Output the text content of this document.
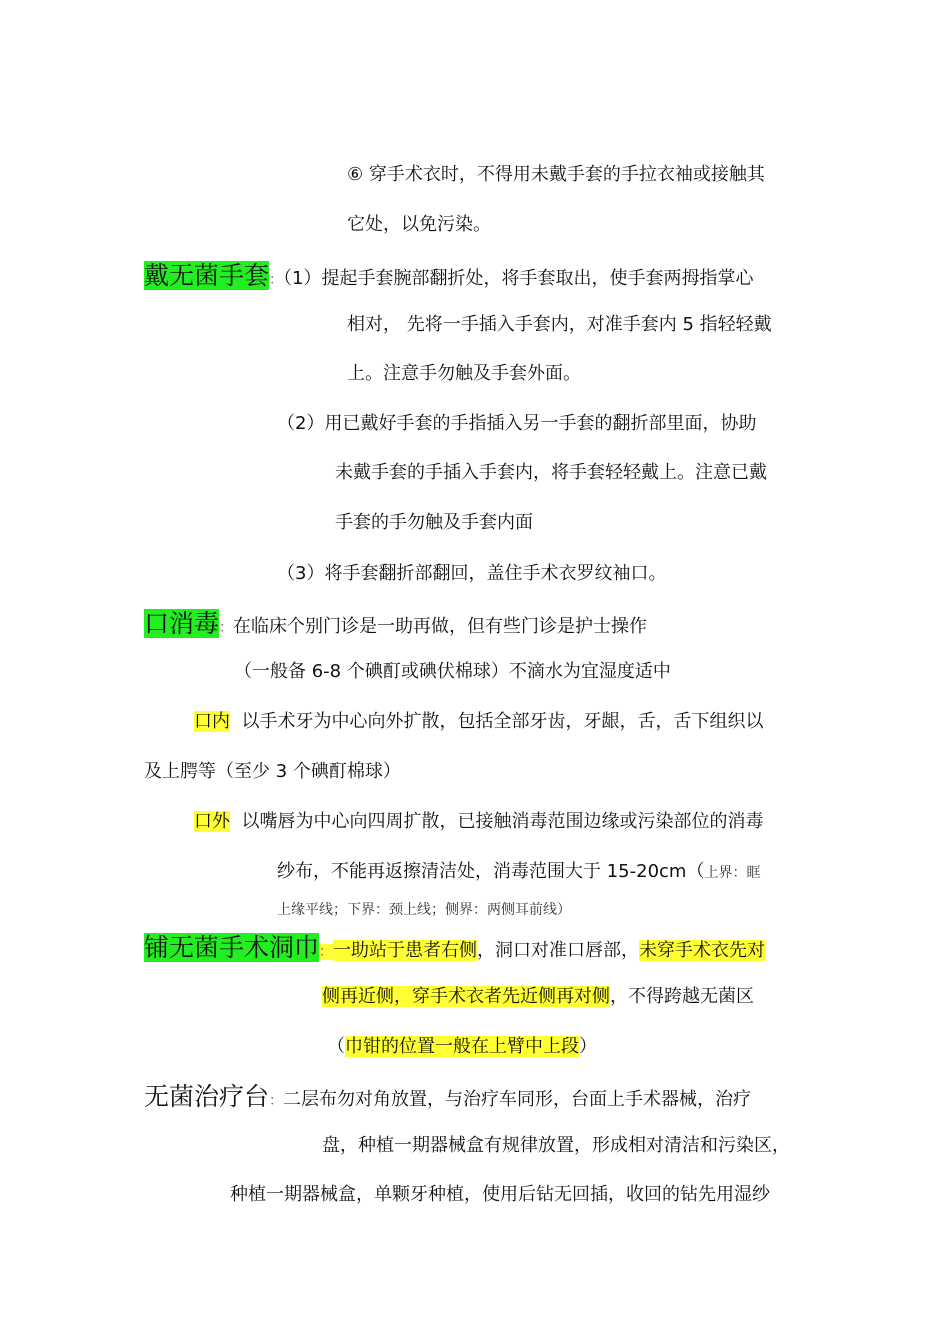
⑥ 穿手术衣时，不得用未戴手套的手拉衣袖或接触其
它处，以免污染。
戴无菌手套：（1）提起手套腕部翻折处，将手套取出，使手套两拇指掌心
相对， 先将一手插入手套内，对准手套内 5 指轻轻戴
上。注意手勿触及手套外面。
（2）用已戴好手套的手指插入另一手套的翻折部里面，协助
未戴手套的手插入手套内，将手套轻轻戴上。注意已戴
手套的手勿触及手套内面
（3）将手套翻折部翻回，盖住手术衣罗纹袖口。
口消毒：在临床个别门诊是一助再做，但有些门诊是护士操作
（一般备 6-8 个碘酊或碘伏棉球）不滴水为宜湿度适中
口内 以手术牙为中心向外扩散，包括全部牙齿，牙龈，舌，舌下组织以
及上腭等（至少 3 个碘酊棉球）
口外 以嘴唇为中心向四周扩散，已接触消毒范围边缘或污染部位的消毒
纱布，不能再返擦清洁处，消毒范围大于 15-20cm（上界：眶
上缘平线；下界：颈上线；侧界：两侧耳前线）
铺无菌手术洞巾：一助站于患者右侧，洞口对准口唇部，未穿手术衣先对
侧再近侧，穿手术衣者先近侧再对侧，不得跨越无菌区
（巾钳的位置一般在上臂中上段）
无菌治疗台：二层布勿对角放置，与治疗车同形，台面上手术器械，治疗
盘，种植一期器械盒有规律放置，形成相对清洁和污染区，
种植一期器械盒，单颗牙种植，使用后钻无回插，收回的钻先用湿纱
